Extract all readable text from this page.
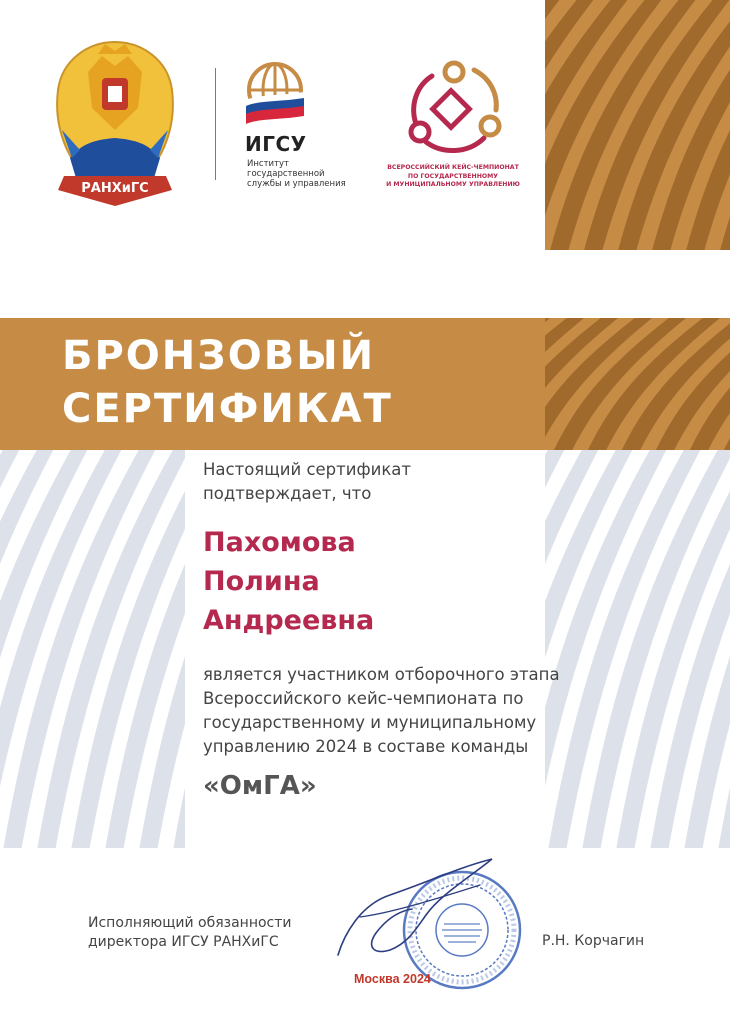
РАНХиГС
ИГСУ
Институт
государственной
службы и управления
ВСЕРОССИЙСКИЙ КЕЙС-ЧЕМПИОНАТ
ПО ГОСУДАРСТВЕННОМУ
И МУНИЦИПАЛЬНОМУ УПРАВЛЕНИЮ
БРОНЗОВЫЙ
СЕРТИФИКАТ
Настоящий сертификат
подтверждает, что
Пахомова
Полина
Андреевна
является участником отборочного этапа
Всероссийского кейс-чемпионата по
государственному и муниципальному
управлению 2024 в составе команды
«ОмГА»
Исполняющий обязанности
директора ИГСУ РАНХиГС	Р.Н. Корчагин
Москва 2024
